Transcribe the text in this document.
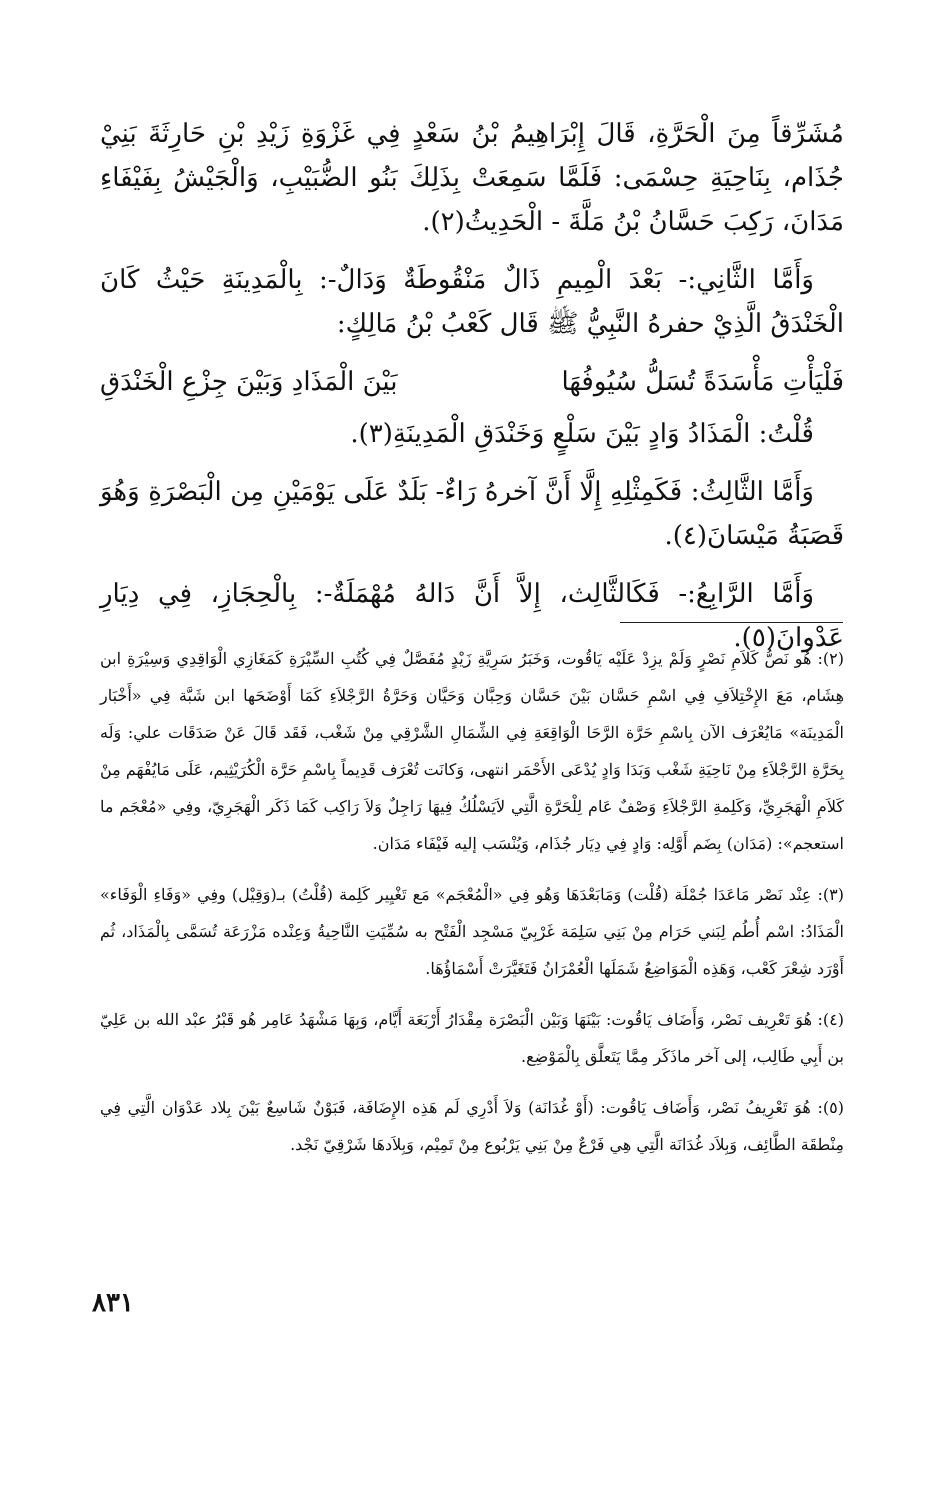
مُشَرِّقاً مِنَ الْحَرَّةِ، قَالَ إِبْرَاهِيمُ بْنُ سَعْدٍ فِي غَزْوَةِ زَيْدِ بْنِ حَارِثَةَ بَنِيْ جُذَام، بِنَاحِيَةِ حِسْمَى: فَلَمَّا سَمِعَتْ بِذَلِكَ بَنُو الضُّبَيْبِ، وَالْجَيْشُ بِفَيْفَاءِ مَدَانَ، رَكِبَ حَسَّانُ بْنُ مَلَّةَ - الْحَدِيثُ(٢).

وَأَمَّا الثَّانِي:- بَعْدَ الْمِيمِ ذَالٌ مَنْقُوطَةٌ وَدَالٌ-: بِالْمَدِينَةِ حَيْثُ كَانَ الْخَنْدَقُ الَّذِيْ حفرهُ النَّبِيُّ ﷺ قَال كَعْبُ بْنُ مَالِكٍ:

فَلْيَأْتِ مَأْسَدَةً تُسَلُّ سُيُوفُهَا
بَيْنَ الْمَذَادِ وَبَيْنَ جِزْعِ الْخَنْدَقِ

قُلْتُ: الْمَذَادُ وَادٍ بَيْنَ سَلْعٍ وَخَنْدَقِ الْمَدِينَةِ(٣).

وَأَمَّا الثَّالِثُ: فَكَمِثْلِهِ إِلَّا أَنَّ آخرهُ رَاءٌ- بَلَدٌ عَلَى يَوْمَيْنِ مِن الْبَصْرَةِ وَهُوَ قَصَبَةُ مَيْسَانَ(٤).

وَأَمَّا الرَّابِعُ:- فَكَالثَّالِث، إِلاَّ أَنَّ دَالهُ مُهْمَلَةٌ-: بِالْحِجَازِ، فِي دِيَارِ عَدْوانَ(٥).

(٢): هُو نَصُّ كَلاَمِ نَصْرٍ وَلَمْ يزِدْ عَلَيْه يَاقُوت، وَخَبَرُ سَرِيَّةِ زَيْدٍ مُفَصَّلٌ فِي كُتُبِ السِّيْرَةِ كَمَغَازِي الْوَاقِدِي وَسِيْرَةِ ابن هِشَام، مَعَ الإِخْتِلاَفِ فِي اسْمِ حَسَّان بَيْنَ حَسَّان وَحِبَّان وَحَيَّان وَحَرَّةُ الرَّجْلاَءِ كَمَا أَوْضَحَها ابن شَبَّة فِي «أَخْبَار الْمَدِينَة» مَايُعْرَف الآن بِاسْمِ حَرَّة الرَّحَا الْوَاقِعَةِ فِي الشِّمَالِ الشَّرْقِي مِنْ شَغْب، فَقَد قَالَ عَنْ صَدَقَات علي: وَلَه بِحَرَّةِ الرَّجْلاَءِ مِنْ نَاحِيَةِ شَغْب وَبَدَا وَادٍ يُدْعَى الأَحْمَر انتهى، وَكانَت تُعْرَف قَدِيماً بِاسْمِ حَرَّة الْكُرَيْثِيم، عَلَى مَايُفْهَم مِنْ كَلاَمِ الْهَجَرِيِّ، وَكَلِمةِ الرَّجْلاَءِ وَصْفٌ عَام لِلْحَرَّةِ الَّتِي لاَيَسْلُكُ فِيهَا رَاجِلٌ وَلاَ رَاكِب كَمَا ذَكَر الْهَجَرِيّ، وفِي «مُعْجَم ما استعجم»: (مَدَان) بِضَم أَوَّلِه: وَادٍ فِي دِيَار جُذَام، وَيُنْسَب إليه فَيْفَاء مَدَان.

(٣): عِنْد نَصْر مَاعَدَا جُمْلَة (قُلْت) وَمَابَعْدَهَا وَهُو فِي «الْمُعْجَم» مَع تَغْيِير كَلِمة (قُلْتُ) بـ(وَقِيْل) وفِي «وَفَاءِ الْوَفَاء» الْمَذَادُ: اسْم أُطُم لِبَني حَرَام مِنْ بَنِي سَلِمَة غَرْبِيّ مَسْجِد الْفَتْح به سُمِّيَتِ النَّاحِيةُ وَعِنْده مَزْرَعَة تُسَمَّى بِالْمَذَاد، ثُم أَوْرَد شِعْرَ كَعْب، وَهَذِه الْمَوَاضِعُ شَمَلَها الْعُمْرَانُ فَتَغَيَّرَتْ أَسْمَاؤُهَا.

(٤): هُوَ تَعْرِيف نَصْر، وَأَضَاف يَاقُوت: بَيْنَهَا وَبَيْن الْبَصْرَة مِقْدَارُ أَرْبَعَة أَيَّام، وَبِهَا مَشْهَدُ عَامِر هُو قَبْرُ عبْد الله بن عَلِيّ بن أَبِي طَالِب، إلى آخر ماذَكَر مِمَّا يَتَعلَّق بِالْمَوْضِع.

(٥): هُوَ تَعْرِيفُ نَصْر، وَأَضَاف يَاقُوت: (أَوْ غُدَانَة) وَلاَ أَدْرِي لَم هَذِه الإِضَافَة، فَبَوْنٌ شَاسِعٌ بَيْنَ بِلاد عَدْوَان الَّتِي فِي مِنْطقَة الطَّائِف، وَبِلاَد غُدَانَة الَّتِي هِي فَرْعٌ مِنْ بَنِي يَرْبُوع مِنْ تَمِيْم، وَبِلاَدهَا شَرْقِيّ نَجْد.

٨٣١
